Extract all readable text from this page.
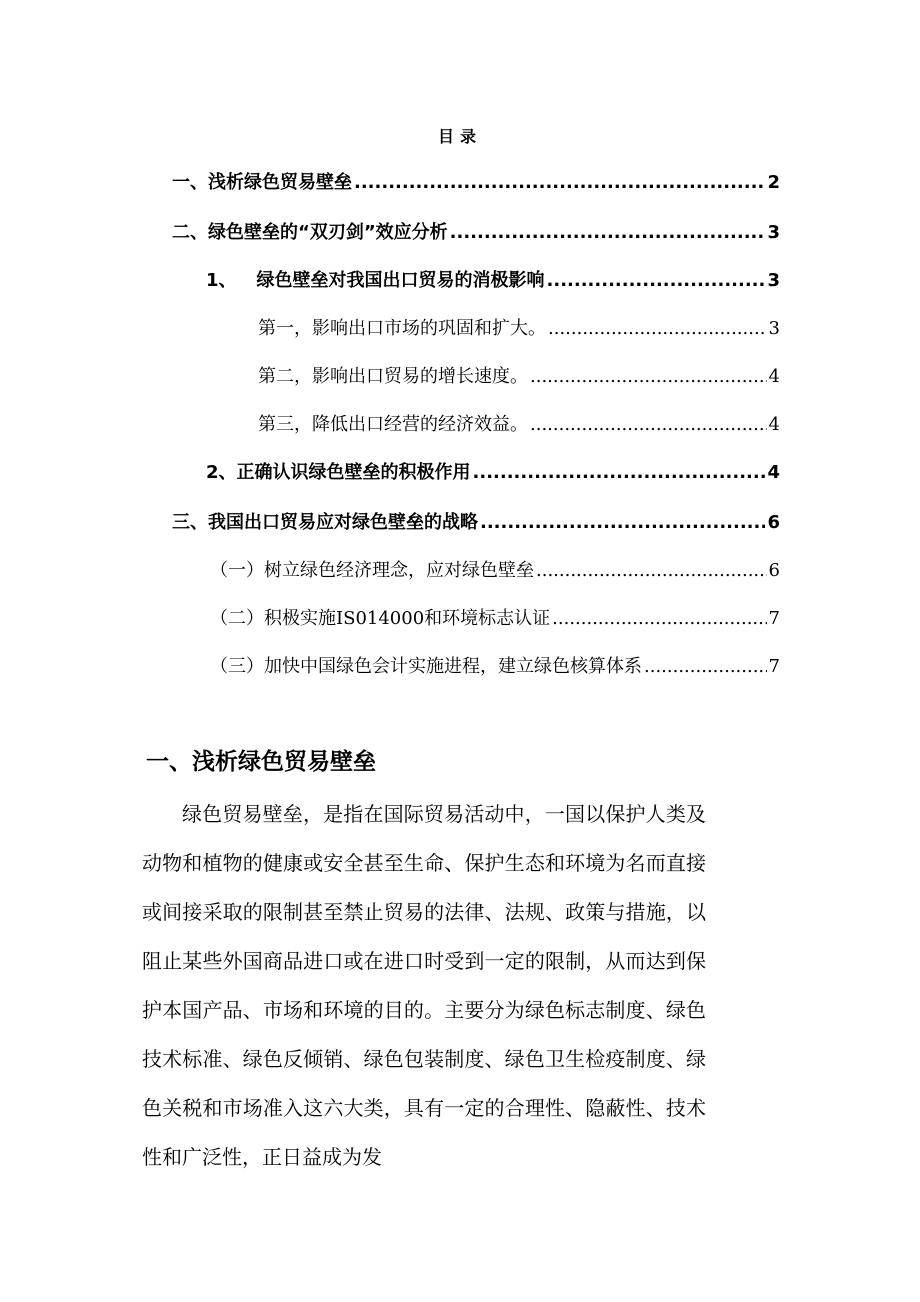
目录
一、浅析绿色贸易壁垒 .....	2
二、绿色壁垒的“双刃剑”效应分析 .....	3
1、 绿色壁垒对我国出口贸易的消极影响 .....	3
第一，影响出口市场的巩固和扩大。 .....	3
第二，影响出口贸易的增长速度。 .....	4
第三，降低出口经营的经济效益。 .....	4
2、正确认识绿色壁垒的积极作用 .....	4
三、我国出口贸易应对绿色壁垒的战略 .....	6
（一）树立绿色经济理念，应对绿色壁垒 .....	6
（二）积极实施IS014000和环境标志认证 .....	7
（三）加快中国绿色会计实施进程，建立绿色核算体系 .....	7
一、浅析绿色贸易壁垒

绿色贸易壁垒，是指在国际贸易活动中，一国以保护人类及动物和植物的健康或安全甚至生命、保护生态和环境为名而直接或间接采取的限制甚至禁止贸易的法律、法规、政策与措施，以阻止某些外国商品进口或在进口时受到一定的限制，从而达到保护本国产品、市场和环境的目的。主要分为绿色标志制度、绿色技术标准、绿色反倾销、绿色包装制度、绿色卫生检疫制度、绿色关税和市场准入这六大类，具有一定的合理性、隐蔽性、技术性和广泛性，正日益成为发
